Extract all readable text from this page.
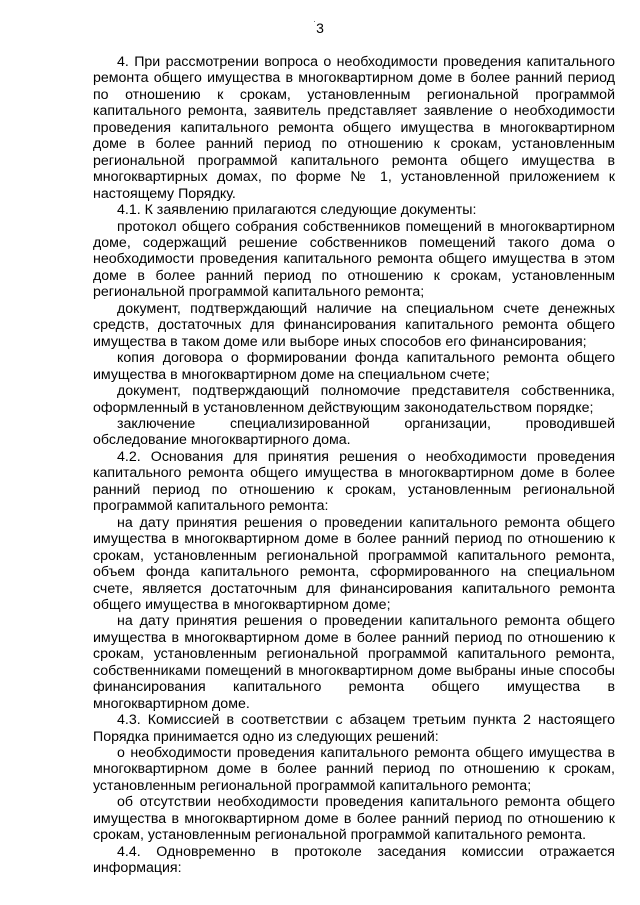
3
·

4. При рассмотрении вопроса о необходимости проведения капитального ремонта общего имущества в многоквартирном доме в более ранний период по отношению к срокам, установленным региональной программой капитального ремонта, заявитель представляет заявление о необходимости проведения капитального ремонта общего имущества в многоквартирном доме в более ранний период по отношению к срокам, установленным региональной программой капитального ремонта общего имущества в многоквартирных домах, по форме № 1, установленной приложением к настоящему Порядку.

4.1. К заявлению прилагаются следующие документы:

протокол общего собрания собственников помещений в многоквартирном доме, содержащий решение собственников помещений такого дома о необходимости проведения капитального ремонта общего имущества в этом доме в более ранний период по отношению к срокам, установленным региональной программой капитального ремонта;

документ, подтверждающий наличие на специальном счете денежных средств, достаточных для финансирования капитального ремонта общего имущества в таком доме или выборе иных способов его финансирования;

копия договора о формировании фонда капитального ремонта общего имущества в многоквартирном доме на специальном счете;

документ, подтверждающий полномочие представителя собственника, оформленный в установленном действующим законодательством порядке;

заключение специализированной организации, проводившей обследование многоквартирного дома.

4.2. Основания для принятия решения о необходимости проведения капитального ремонта общего имущества в многоквартирном доме в более ранний период по отношению к срокам, установленным региональной программой капитального ремонта:

на дату принятия решения о проведении капитального ремонта общего имущества в многоквартирном доме в более ранний период по отношению к срокам, установленным региональной программой капитального ремонта, объем фонда капитального ремонта, сформированного на специальном счете, является достаточным для финансирования капитального ремонта общего имущества в многоквартирном доме;

на дату принятия решения о проведении капитального ремонта общего имущества в многоквартирном доме в более ранний период по отношению к срокам, установленным региональной программой капитального ремонта, собственниками помещений в многоквартирном доме выбраны иные способы финансирования капитального ремонта общего имущества в многоквартирном доме.

4.3. Комиссией в соответствии с абзацем третьим пункта 2 настоящего Порядка принимается одно из следующих решений:

о необходимости проведения капитального ремонта общего имущества в многоквартирном доме в более ранний период по отношению к срокам, установленным региональной программой капитального ремонта;

об отсутствии необходимости проведения капитального ремонта общего имущества в многоквартирном доме в более ранний период по отношению к срокам, установленным региональной программой капитального ремонта.

4.4. Одновременно в протоколе заседания комиссии отражается информация:
